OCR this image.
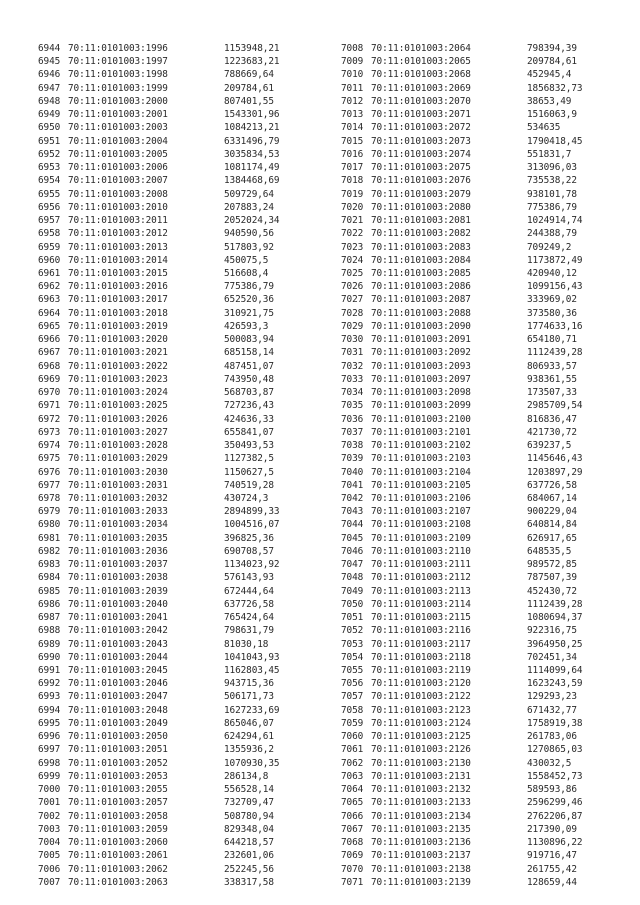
6944 70:11:0101003:1996	1153948,21
6945 70:11:0101003:1997	1223683,21
6946 70:11:0101003:1998	788669,64
6947 70:11:0101003:1999	209784,61
6948 70:11:0101003:2000	807401,55
6949 70:11:0101003:2001	1543301,96
6950 70:11:0101003:2003	1084213,21
6951 70:11:0101003:2004	6331496,79
6952 70:11:0101003:2005	3035834,53
6953 70:11:0101003:2006	1081174,49
6954 70:11:0101003:2007	1384468,69
6955 70:11:0101003:2008	509729,64
6956 70:11:0101003:2010	207883,24
6957 70:11:0101003:2011	2052024,34
6958 70:11:0101003:2012	940590,56
6959 70:11:0101003:2013	517803,92
6960 70:11:0101003:2014	450075,5
6961 70:11:0101003:2015	516608,4
6962 70:11:0101003:2016	775386,79
6963 70:11:0101003:2017	652520,36
6964 70:11:0101003:2018	310921,75
6965 70:11:0101003:2019	426593,3
6966 70:11:0101003:2020	500083,94
6967 70:11:0101003:2021	685158,14
6968 70:11:0101003:2022	487451,07
6969 70:11:0101003:2023	743950,48
6970 70:11:0101003:2024	568703,87
6971 70:11:0101003:2025	727236,43
6972 70:11:0101003:2026	424636,33
6973 70:11:0101003:2027	655841,07
6974 70:11:0101003:2028	350493,53
6975 70:11:0101003:2029	1127382,5
6976 70:11:0101003:2030	1150627,5
6977 70:11:0101003:2031	740519,28
6978 70:11:0101003:2032	430724,3
6979 70:11:0101003:2033	2894899,33
6980 70:11:0101003:2034	1004516,07
6981 70:11:0101003:2035	396825,36
6982 70:11:0101003:2036	690708,57
6983 70:11:0101003:2037	1134023,92
6984 70:11:0101003:2038	576143,93
6985 70:11:0101003:2039	672444,64
6986 70:11:0101003:2040	637726,58
6987 70:11:0101003:2041	765424,64
6988 70:11:0101003:2042	798631,79
6989 70:11:0101003:2043	81030,18
6990 70:11:0101003:2044	1041043,93
6991 70:11:0101003:2045	1162803,45
6992 70:11:0101003:2046	943715,36
6993 70:11:0101003:2047	506171,73
6994 70:11:0101003:2048	1627233,69
6995 70:11:0101003:2049	865046,07
6996 70:11:0101003:2050	624294,61
6997 70:11:0101003:2051	1355936,2
6998 70:11:0101003:2052	1070930,35
6999 70:11:0101003:2053	286134,8
7000 70:11:0101003:2055	556528,14
7001 70:11:0101003:2057	732709,47
7002 70:11:0101003:2058	508780,94
7003 70:11:0101003:2059	829348,04
7004 70:11:0101003:2060	644218,57
7005 70:11:0101003:2061	232601,06
7006 70:11:0101003:2062	252245,56
7007 70:11:0101003:2063	338317,58
7008 70:11:0101003:2064	798394,39
7009 70:11:0101003:2065	209784,61
7010 70:11:0101003:2068	452945,4
7011 70:11:0101003:2069	1856832,73
7012 70:11:0101003:2070	38653,49
7013 70:11:0101003:2071	1516063,9
7014 70:11:0101003:2072	534635
7015 70:11:0101003:2073	1790418,45
7016 70:11:0101003:2074	551831,7
7017 70:11:0101003:2075	313096,03
7018 70:11:0101003:2076	735538,22
7019 70:11:0101003:2079	938101,78
7020 70:11:0101003:2080	775386,79
7021 70:11:0101003:2081	1024914,74
7022 70:11:0101003:2082	244388,79
7023 70:11:0101003:2083	709249,2
7024 70:11:0101003:2084	1173872,49
7025 70:11:0101003:2085	420940,12
7026 70:11:0101003:2086	1099156,43
7027 70:11:0101003:2087	333969,02
7028 70:11:0101003:2088	373580,36
7029 70:11:0101003:2090	1774633,16
7030 70:11:0101003:2091	654180,71
7031 70:11:0101003:2092	1112439,28
7032 70:11:0101003:2093	806933,57
7033 70:11:0101003:2097	938361,55
7034 70:11:0101003:2098	173507,33
7035 70:11:0101003:2099	2985709,54
7036 70:11:0101003:2100	816836,47
7037 70:11:0101003:2101	421730,72
7038 70:11:0101003:2102	639237,5
7039 70:11:0101003:2103	1145646,43
7040 70:11:0101003:2104	1203897,29
7041 70:11:0101003:2105	637726,58
7042 70:11:0101003:2106	684067,14
7043 70:11:0101003:2107	900229,04
7044 70:11:0101003:2108	640814,84
7045 70:11:0101003:2109	626917,65
7046 70:11:0101003:2110	648535,5
7047 70:11:0101003:2111	989572,85
7048 70:11:0101003:2112	787507,39
7049 70:11:0101003:2113	452430,72
7050 70:11:0101003:2114	1112439,28
7051 70:11:0101003:2115	1080694,37
7052 70:11:0101003:2116	922316,75
7053 70:11:0101003:2117	3964950,25
7054 70:11:0101003:2118	702451,34
7055 70:11:0101003:2119	1114099,64
7056 70:11:0101003:2120	1623243,59
7057 70:11:0101003:2122	129293,23
7058 70:11:0101003:2123	671432,77
7059 70:11:0101003:2124	1758919,38
7060 70:11:0101003:2125	261783,06
7061 70:11:0101003:2126	1270865,03
7062 70:11:0101003:2130	430032,5
7063 70:11:0101003:2131	1558452,73
7064 70:11:0101003:2132	589593,86
7065 70:11:0101003:2133	2596299,46
7066 70:11:0101003:2134	2762206,87
7067 70:11:0101003:2135	217390,09
7068 70:11:0101003:2136	1130896,22
7069 70:11:0101003:2137	919716,47
7070 70:11:0101003:2138	261755,42
7071 70:11:0101003:2139	128659,44
